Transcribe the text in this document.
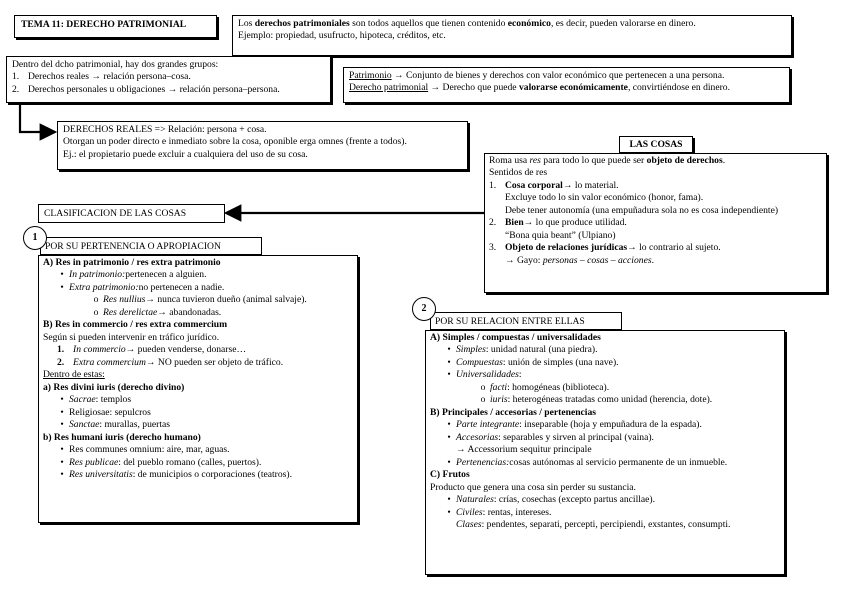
TEMA 11: DERECHO PATRIMONIAL	Los derechos patrimoniales son todos aquellos que tienen contenido económico, es decir, pueden valorarse en dinero.
Ejemplo: propiedad, usufructo, hipoteca, créditos, etc.
Dentro del dcho patrimonial, hay dos grandes grupos:
1. Derechos reales → relación persona–cosa.
2. Derechos personales u obligaciones → relación persona–persona.
Patrimonio → Conjunto de bienes y derechos con valor económico que pertenecen a una persona.
Derecho patrimonial → Derecho que puede valorarse económicamente, convirtiéndose en dinero.
DERECHOS REALES => Relación: persona + cosa.
Otorgan un poder directo e inmediato sobre la cosa, oponible erga omnes (frente a todos).
Ej.: el propietario puede excluir a cualquiera del uso de su cosa.
LAS COSAS
Roma usa res para todo lo que puede ser objeto de derechos.
Sentidos de res
1. Cosa corporal → lo material.
Excluye todo lo sin valor económico (honor, fama).
Debe tener autonomía (una empuñadura sola no es cosa independiente)
2. Bien → lo que produce utilidad.
“Bona quia beant” (Ulpiano)
3. Objeto de relaciones jurídicas → lo contrario al sujeto.
→ Gayo: personas – cosas – acciones.
CLASIFICACION DE LAS COSAS
POR SU PERTENENCIA O APROPIACION
1
A) Res in patrimonio / res extra patrimonio
• In patrimonio: pertenecen a alguien.
• Extra patrimonio: no pertenecen a nadie.
o Res nullius → nunca tuvieron dueño (animal salvaje).
o Res derelictae → abandonadas.
B) Res in commercio / res extra commercium
Según si pueden intervenir en tráfico jurídico.
1. In commercio → pueden venderse, donarse…
2. Extra commercium → NO pueden ser objeto de tráfico.
Dentro de estas:
a) Res divini iuris (derecho divino)
• Sacrae : templos
• Religiosae : sepulcros
• Sanctae : murallas, puertas
b) Res humani iuris (derecho humano)
• Res communes omnium: aire, mar, aguas.
• Res publicae : del pueblo romano (calles, puertos).
• Res universitatis : de municipios o corporaciones (teatros).
POR SU RELACION ENTRE ELLAS
2
A) Simples / compuestas / universalidades
• Simples : unidad natural (una piedra).
• Compuestas : unión de simples (una nave).
• Universalidades :
o facti : homogéneas (biblioteca).
o iuris : heterogéneas tratadas como unidad (herencia, dote).
B) Principales / accesorias / pertenencias
• Parte integrante : inseparable (hoja y empuñadura de la espada).
• Accesorias : separables y sirven al principal (vaina).
→ Accessorium sequitur principale
• Pertenencias: cosas autónomas al servicio permanente de un inmueble.
C) Frutos
Producto que genera una cosa sin perder su sustancia.
• Naturales : crías, cosechas (excepto partus ancillae).
• Civiles : rentas, intereses.
Clases : pendentes, separati, percepti, percipiendi, exstantes, consumpti.
